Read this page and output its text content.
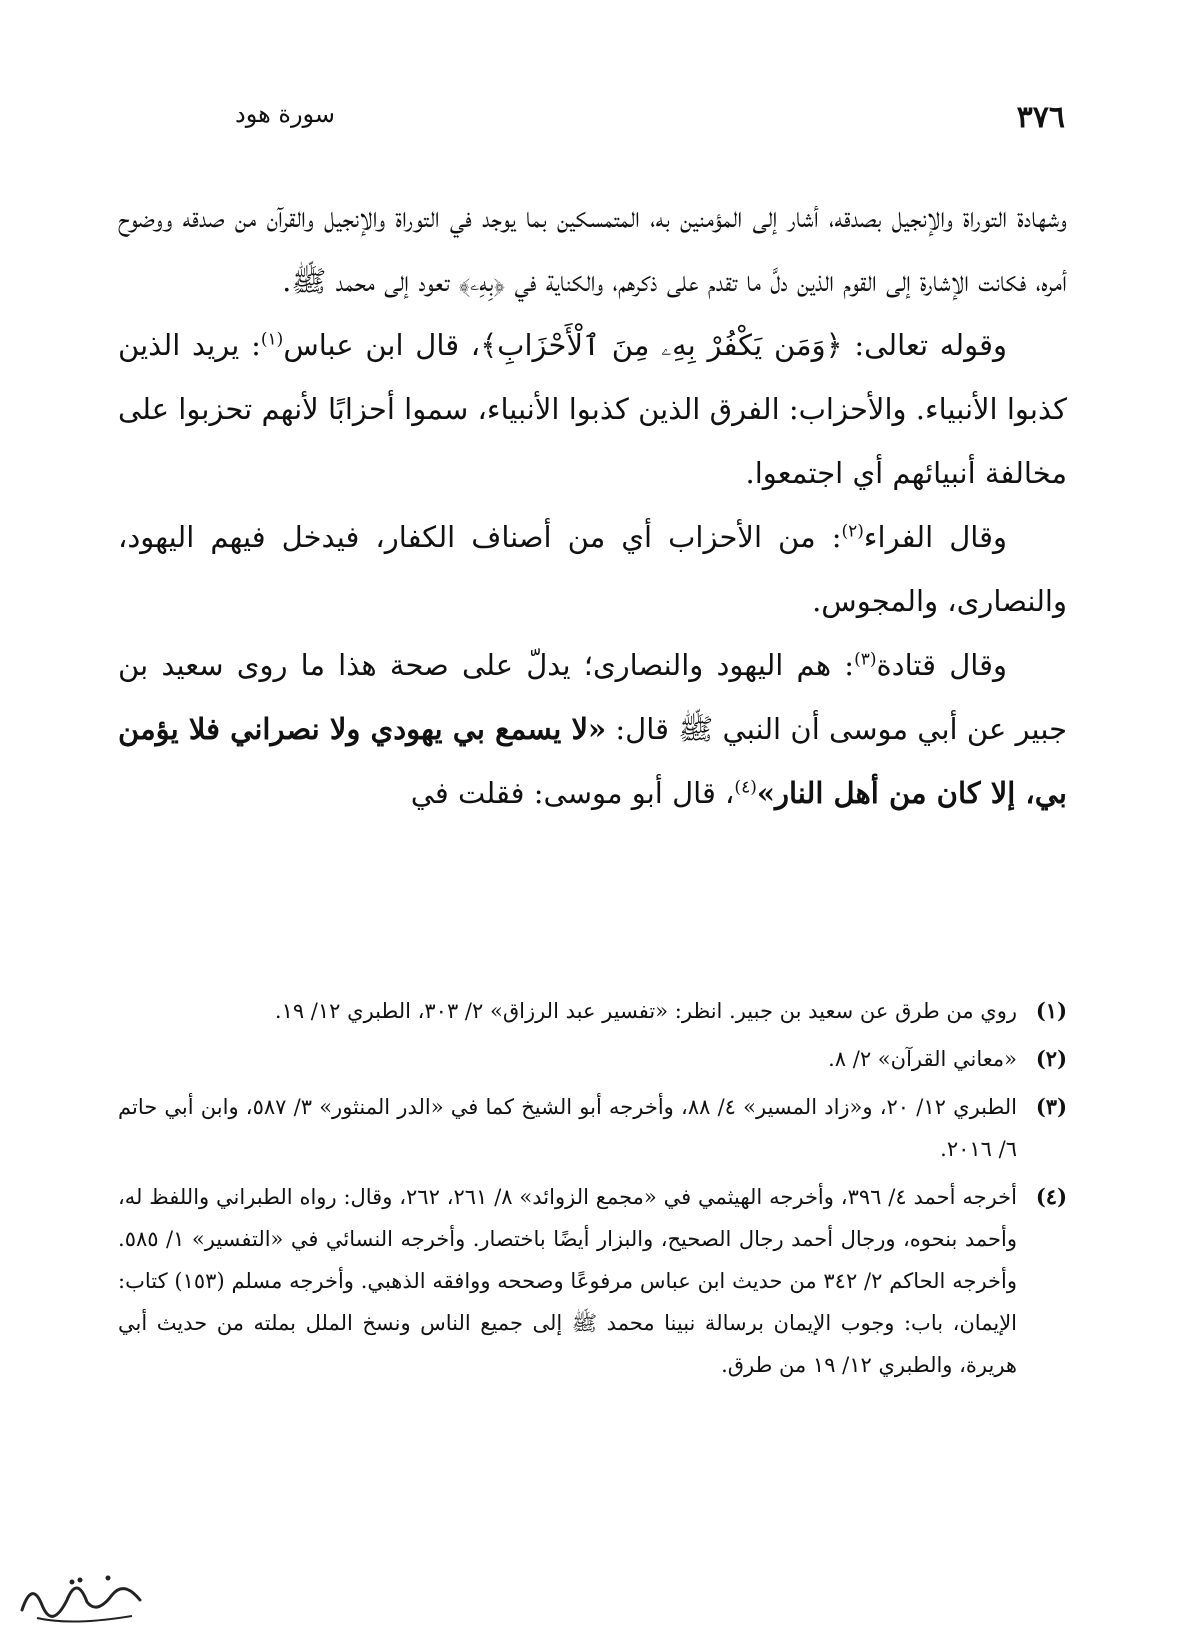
٣٧٦
سورة هود

وشهادة التوراة والإنجيل بصدقه، أشار إلى المؤمنين به، المتمسكين بما يوجد في التوراة والإنجيل والقرآن من صدقه ووضوح أمره، فكانت الإشارة إلى القوم الذين دلَّ ما تقدم على ذكرهم، والكناية في ﴿بِهِۦ﴾ تعود إلى محمد ﷺ.

وقوله تعالى: ﴿وَمَن يَكْفُرْ بِهِۦ مِنَ ٱلْأَحْزَابِ﴾، قال ابن عباس$^{(١)}$: يريد الذين كذبوا الأنبياء. والأحزاب: الفرق الذين كذبوا الأنبياء، سموا أحزابًا لأنهم تحزبوا على مخالفة أنبيائهم أي اجتمعوا.

وقال الفراء$^{(٢)}$: من الأحزاب أي من أصناف الكفار، فيدخل فيهم اليهود، والنصارى، والمجوس.

وقال قتادة$^{(٣)}$: هم اليهود والنصارى؛ يدلّ على صحة هذا ما روى سعيد بن جبير عن أبي موسى أن النبي ﷺ قال: «لا يسمع بي يهودي ولا نصراني فلا يؤمن بي، إلا كان من أهل النار»$^{(٤)}$، قال أبو موسى: فقلت في

(١)
روي من طرق عن سعيد بن جبير. انظر: «تفسير عبد الرزاق» ٢/ ٣٠٣، الطبري ١٢/ ١٩.
(٢)
«معاني القرآن» ٢/ ٨.
(٣)
الطبري ١٢/ ٢٠، و«زاد المسير» ٤/ ٨٨، وأخرجه أبو الشيخ كما في «الدر المنثور» ٣/ ٥٨٧، وابن أبي حاتم ٦/ ٢٠١٦.
(٤)
أخرجه أحمد ٤/ ٣٩٦، وأخرجه الهيثمي في «مجمع الزوائد» ٨/ ٢٦١، ٢٦٢، وقال: رواه الطبراني واللفظ له، وأحمد بنحوه، ورجال أحمد رجال الصحيح، والبزار أيضًا باختصار. وأخرجه النسائي في «التفسير» ١/ ٥٨٥. وأخرجه الحاكم ٢/ ٣٤٢ من حديث ابن عباس مرفوعًا وصححه ووافقه الذهبي. وأخرجه مسلم (١٥٣) كتاب: الإيمان، باب: وجوب الإيمان برسالة نبينا محمد ﷺ إلى جميع الناس ونسخ الملل بملته من حديث أبي هريرة، والطبري ١٢/ ١٩ من طرق.
